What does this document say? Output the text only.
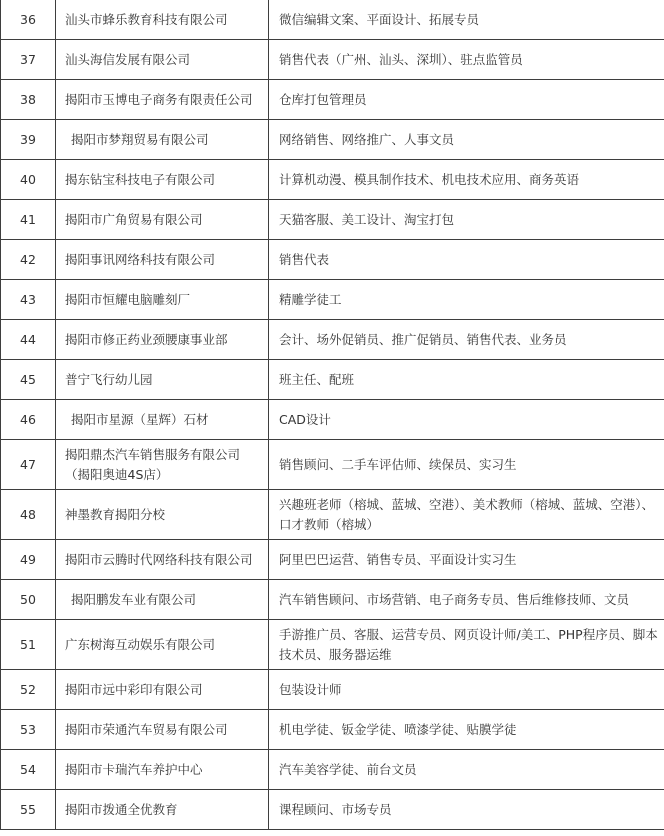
36	汕头市蜂乐教育科技有限公司	微信编辑文案、平面设计、拓展专员
37	汕头海信发展有限公司	销售代表（广州、汕头、深圳）、驻点监管员
38	揭阳市玉博电子商务有限责任公司	仓库打包管理员
39	揭阳市梦翔贸易有限公司	网络销售、网络推广、人事文员
40	揭东钻宝科技电子有限公司	计算机动漫、模具制作技术、机电技术应用、商务英语
41	揭阳市广角贸易有限公司	天猫客服、美工设计、淘宝打包
42	揭阳事讯网络科技有限公司	销售代表
43	揭阳市恒耀电脑雕刻厂	精雕学徒工
44	揭阳市修正药业颈腰康事业部	会计、场外促销员、推广促销员、销售代表、业务员
45	普宁飞行幼儿园	班主任、配班
46	揭阳市星源（星辉）石材	CAD设计
47	揭阳鼎杰汽车销售服务有限公司（揭阳奥迪4S店）	销售顾问、二手车评估师、续保员、实习生
48	神墨教育揭阳分校	兴趣班老师（榕城、蓝城、空港）、美术教师（榕城、蓝城、空港）、口才教师（榕城）
49	揭阳市云腾时代网络科技有限公司	阿里巴巴运营、销售专员、平面设计实习生
50	揭阳鹏发车业有限公司	汽车销售顾问、市场营销、电子商务专员、售后维修技师、文员
51	广东树海互动娱乐有限公司	手游推广员、客服、运营专员、网页设计师/美工、PHP程序员、脚本技术员、服务器运维
52	揭阳市远中彩印有限公司	包装设计师
53	揭阳市荣通汽车贸易有限公司	机电学徒、钣金学徒、喷漆学徒、贴膜学徒
54	揭阳市卡瑞汽车养护中心	汽车美容学徒、前台文员
55	揭阳市拨通全优教育	课程顾问、市场专员
